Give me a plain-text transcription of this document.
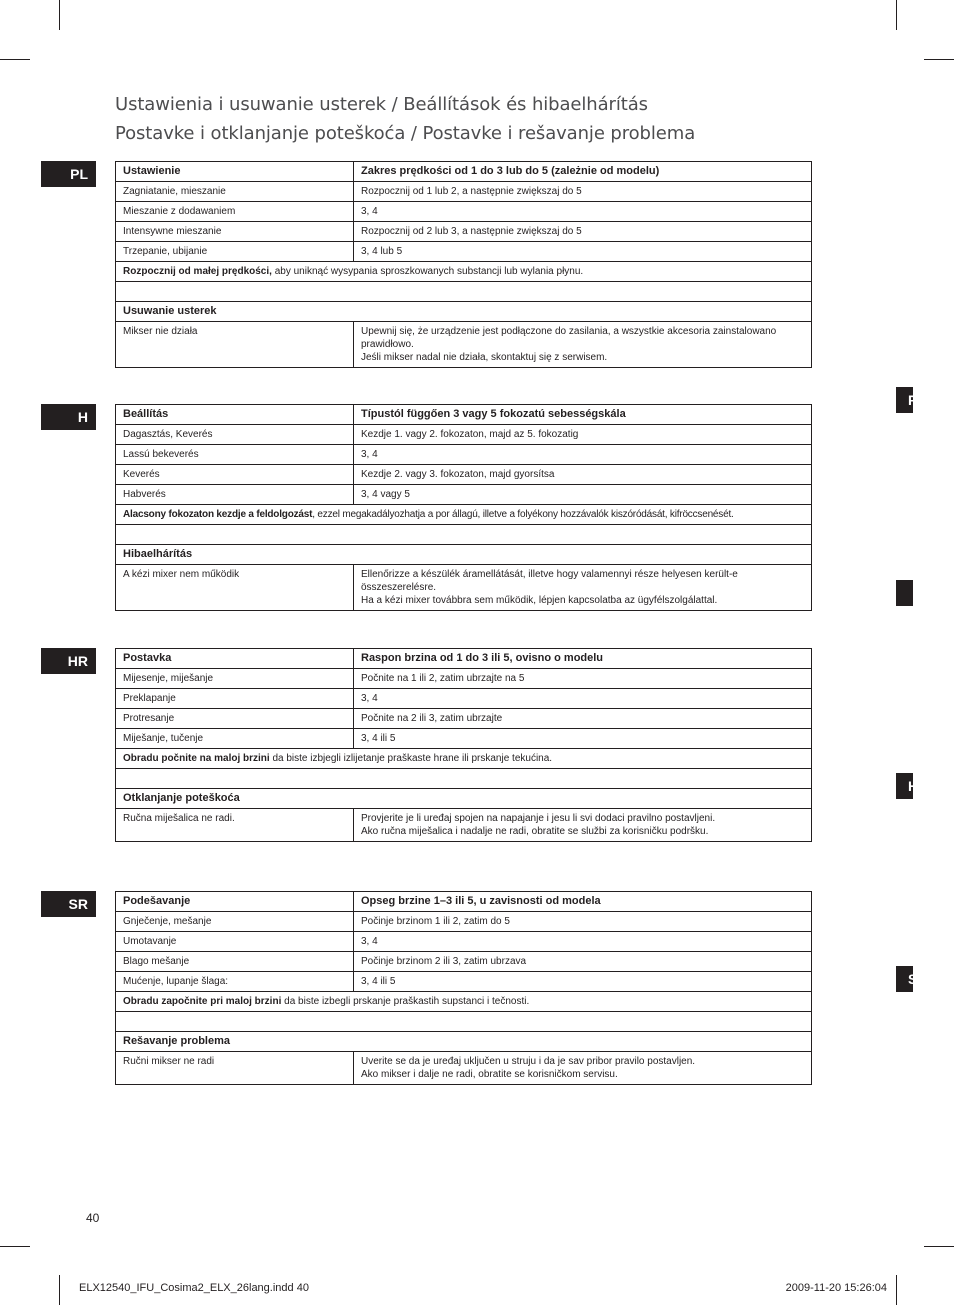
Ustawienia i usuwanie usterek / Beállítások és hibaelhárítás
Postavke i otklanjanje poteškoća / Postavke i rešavanje problema
P
H
S
PL	Ustawienie	Zakres prędkości od 1 do 3 lub do 5 (zależnie od modelu)
Zagniatanie, mieszanie	Rozpocznij od 1 lub 2, a następnie zwiększaj do 5
Mieszanie z dodawaniem	3, 4
Intensywne mieszanie	Rozpocznij od 2 lub 3, a następnie zwiększaj do 5
Trzepanie, ubijanie	3, 4 lub 5
Rozpocznij od małej prędkości, aby uniknąć wysypania sproszkowanych substancji lub wylania płynu.	

Usuwanie usterek	
Mikser nie działa	Upewnij się, że urządzenie jest podłączone do zasilania, a wszystkie akcesoria zainstalowano prawidłowo.
Jeśli mikser nadal nie działa, skontaktuj się z serwisem.
H	Beállítás	Típustól függően 3 vagy 5 fokozatú sebességskála
Dagasztás, Keverés	Kezdje 1. vagy 2. fokozaton, majd az 5. fokozatig
Lassú bekeverés	3, 4
Keverés	Kezdje 2. vagy 3. fokozaton, majd gyorsítsa
Habverés	3, 4 vagy 5
Alacsony fokozaton kezdje a feldolgozást, ezzel megakadályozhatja a por állagú, illetve a folyékony hozzávalók kiszóródását, kifröccsenését.	

Hibaelhárítás	
A kézi mixer nem működik	Ellenőrizze a készülék áramellátását, illetve hogy valamennyi része helyesen került-e összeszerelésre.
Ha a kézi mixer továbbra sem működik, lépjen kapcsolatba az ügyfélszolgálattal.
HR	Postavka	Raspon brzina od 1 do 3 ili 5, ovisno o modelu
Mijesenje, miješanje	Počnite na 1 ili 2, zatim ubrzajte na 5
Preklapanje	3, 4
Protresanje	Počnite na 2 ili 3, zatim ubrzajte
Miješanje, tučenje	3, 4 ili 5
Obradu počnite na maloj brzini da biste izbjegli izlijetanje praškaste hrane ili prskanje tekućina.	

Otklanjanje poteškoća	
Ručna miješalica ne radi.	Provjerite je li uređaj spojen na napajanje i jesu li svi dodaci pravilno postavljeni.
Ako ručna miješalica i nadalje ne radi, obratite se službi za korisničku podršku.
SR	Podešavanje	Opseg brzine 1–3 ili 5, u zavisnosti od modela
Gnječenje, mešanje	Počinje brzinom 1 ili 2, zatim do 5
Umotavanje	3, 4
Blago mešanje	Počinje brzinom 2 ili 3, zatim ubrzava
Mućenje, lupanje šlaga:	3, 4 ili 5
Obradu započnite pri maloj brzini da biste izbegli prskanje praškastih supstanci i tečnosti.	

Rešavanje problema	
Ručni mikser ne radi	Uverite se da je uređaj uključen u struju i da je sav pribor pravilo postavljen.
Ako mikser i dalje ne radi, obratite se korisničkom servisu.
40
ELX12540_IFU_Cosima2_ELX_26lang.indd 40	2009-11-20 15:26:04
